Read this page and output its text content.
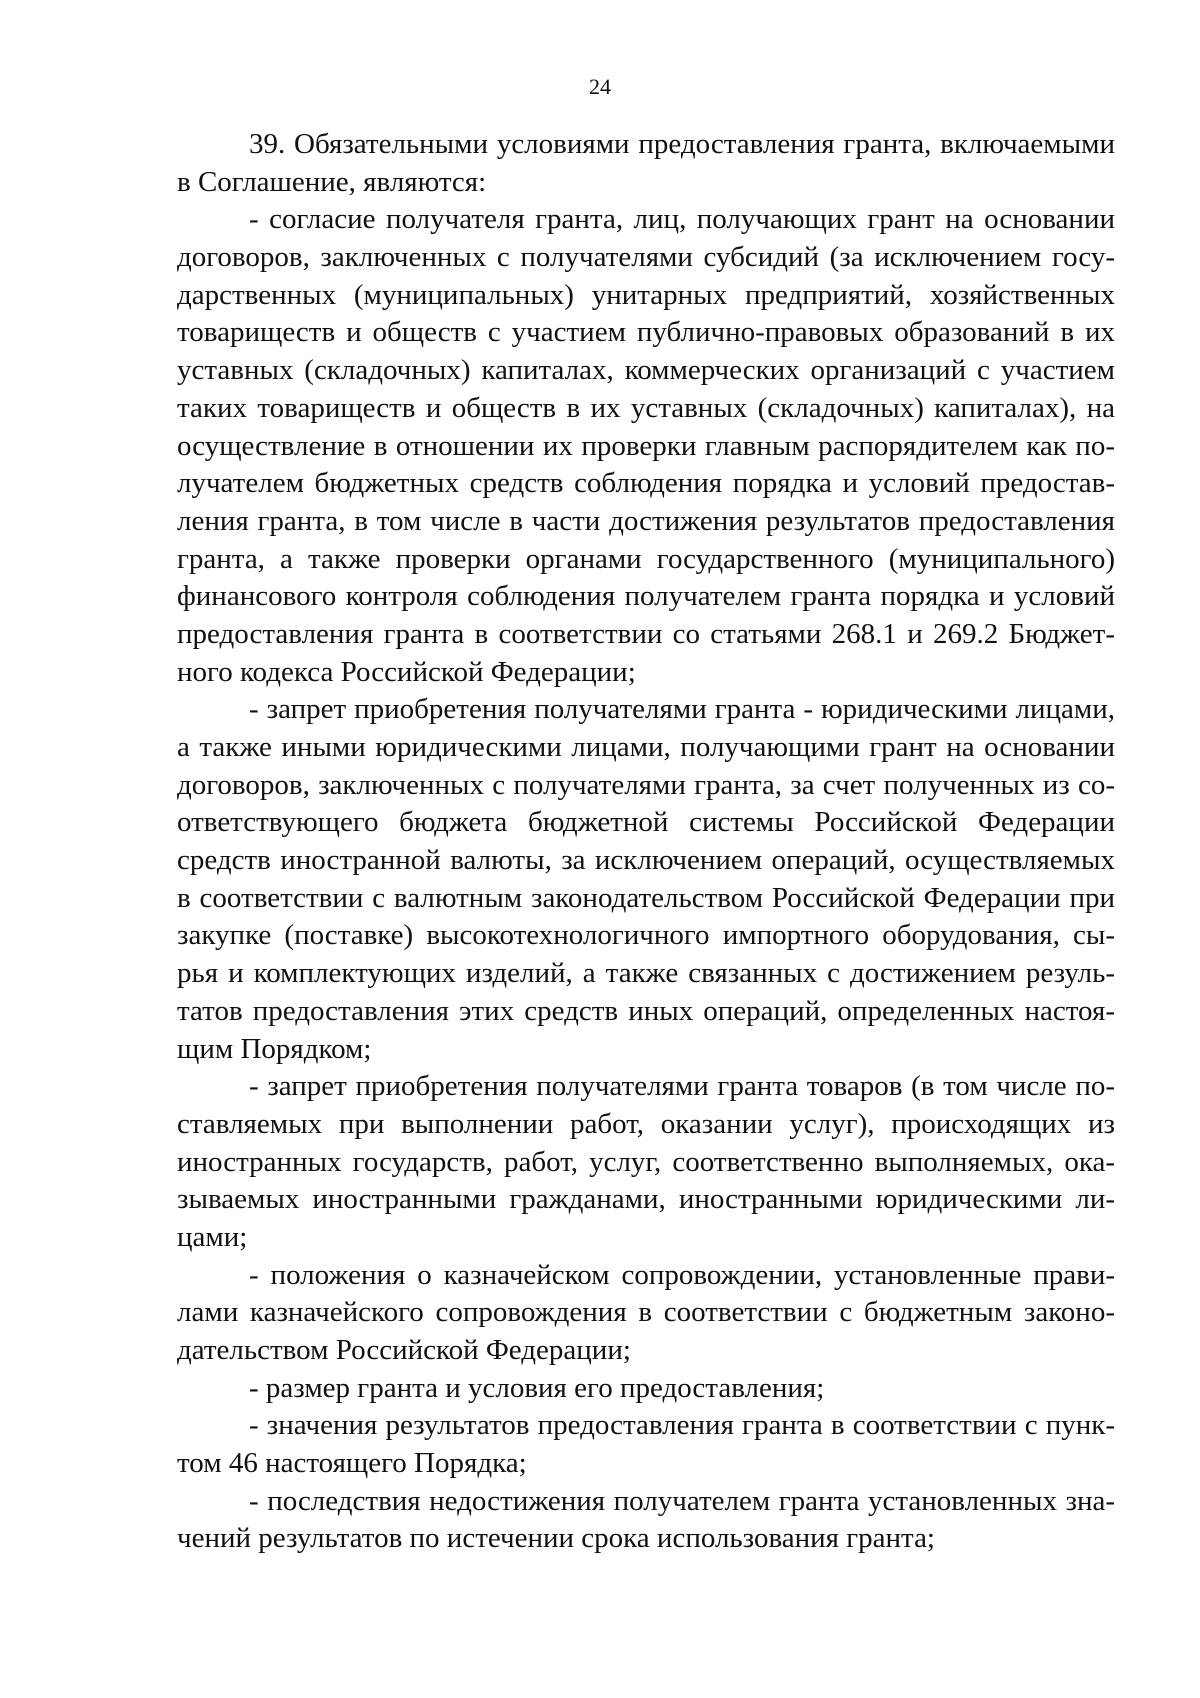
24
39. Обязательными условиями предоставления гранта, включаемыми
в Соглашение, являются:
- согласие получателя гранта, лиц, получающих грант на основании
договоров, заключенных с получателями субсидий (за исключением госу-
дарственных (муниципальных) унитарных предприятий, хозяйственных
товариществ и обществ с участием публично-правовых образований в их
уставных (складочных) капиталах, коммерческих организаций с участием
таких товариществ и обществ в их уставных (складочных) капиталах), на
осуществление в отношении их проверки главным распорядителем как по-
лучателем бюджетных средств соблюдения порядка и условий предостав-
ления гранта, в том числе в части достижения результатов предоставления
гранта, а также проверки органами государственного (муниципального)
финансового контроля соблюдения получателем гранта порядка и условий
предоставления гранта в соответствии со статьями 268.1 и 269.2 Бюджет-
ного кодекса Российской Федерации;
- запрет приобретения получателями гранта - юридическими лицами,
а также иными юридическими лицами, получающими грант на основании
договоров, заключенных с получателями гранта, за счет полученных из со-
ответствующего бюджета бюджетной системы Российской Федерации
средств иностранной валюты, за исключением операций, осуществляемых
в соответствии с валютным законодательством Российской Федерации при
закупке (поставке) высокотехнологичного импортного оборудования, сы-
рья и комплектующих изделий, а также связанных с достижением резуль-
татов предоставления этих средств иных операций, определенных настоя-
щим Порядком;
- запрет приобретения получателями гранта товаров (в том числе по-
ставляемых при выполнении работ, оказании услуг), происходящих из
иностранных государств, работ, услуг, соответственно выполняемых, ока-
зываемых иностранными гражданами, иностранными юридическими ли-
цами;
- положения о казначейском сопровождении, установленные прави-
лами казначейского сопровождения в соответствии с бюджетным законо-
дательством Российской Федерации;
- размер гранта и условия его предоставления;
- значения результатов предоставления гранта в соответствии с пунк-
том 46 настоящего Порядка;
- последствия недостижения получателем гранта установленных зна-
чений результатов по истечении срока использования гранта;
